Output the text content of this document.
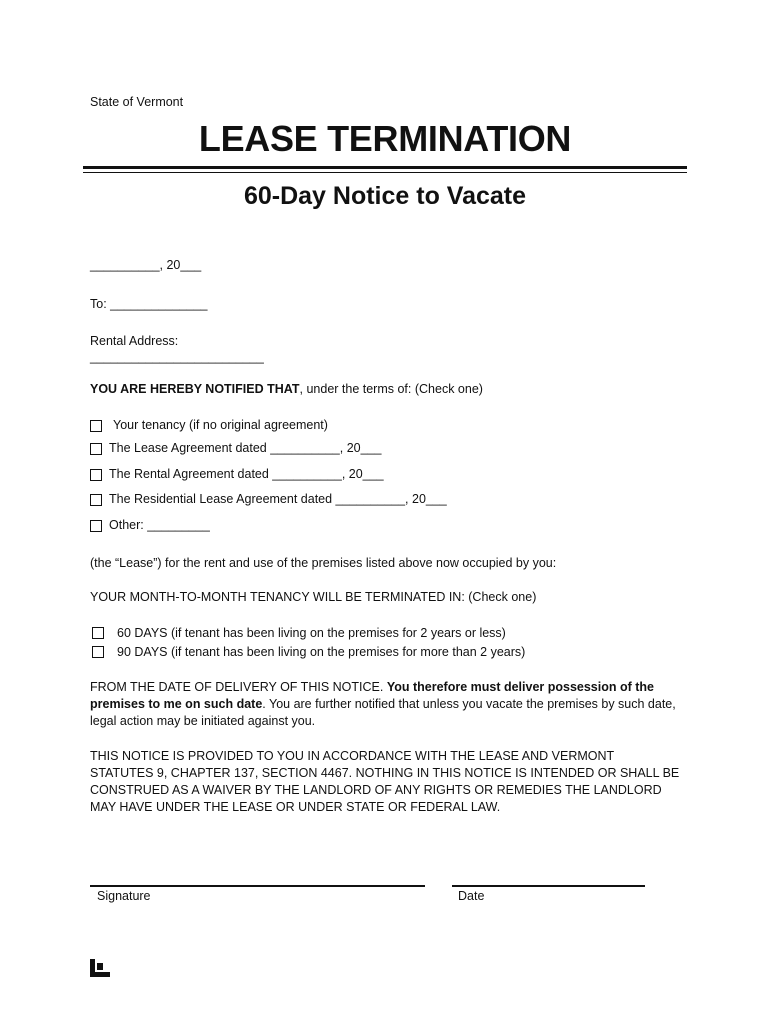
State of Vermont
LEASE TERMINATION
60-Day Notice to Vacate
__________, 20___
To: ______________
Rental Address:
_________________________
YOU ARE HEREBY NOTIFIED THAT, under the terms of: (Check one)
Your tenancy (if no original agreement)
The Lease Agreement dated __________, 20___
The Rental Agreement dated __________, 20___
The Residential Lease Agreement dated __________, 20___
Other: _________
(the “Lease”) for the rent and use of the premises listed above now occupied by you:
YOUR MONTH-TO-MONTH TENANCY WILL BE TERMINATED IN: (Check one)
60 DAYS (if tenant has been living on the premises for 2 years or less)
90 DAYS (if tenant has been living on the premises for more than 2 years)
FROM THE DATE OF DELIVERY OF THIS NOTICE. You therefore must deliver possession of the premises to me on such date. You are further notified that unless you vacate the premises by such date, legal action may be initiated against you.
THIS NOTICE IS PROVIDED TO YOU IN ACCORDANCE WITH THE LEASE AND VERMONT STATUTES 9, CHAPTER 137, SECTION 4467. NOTHING IN THIS NOTICE IS INTENDED OR SHALL BE CONSTRUED AS A WAIVER BY THE LANDLORD OF ANY RIGHTS OR REMEDIES THE LANDLORD MAY HAVE UNDER THE LEASE OR UNDER STATE OR FEDERAL LAW.
Signature	Date
